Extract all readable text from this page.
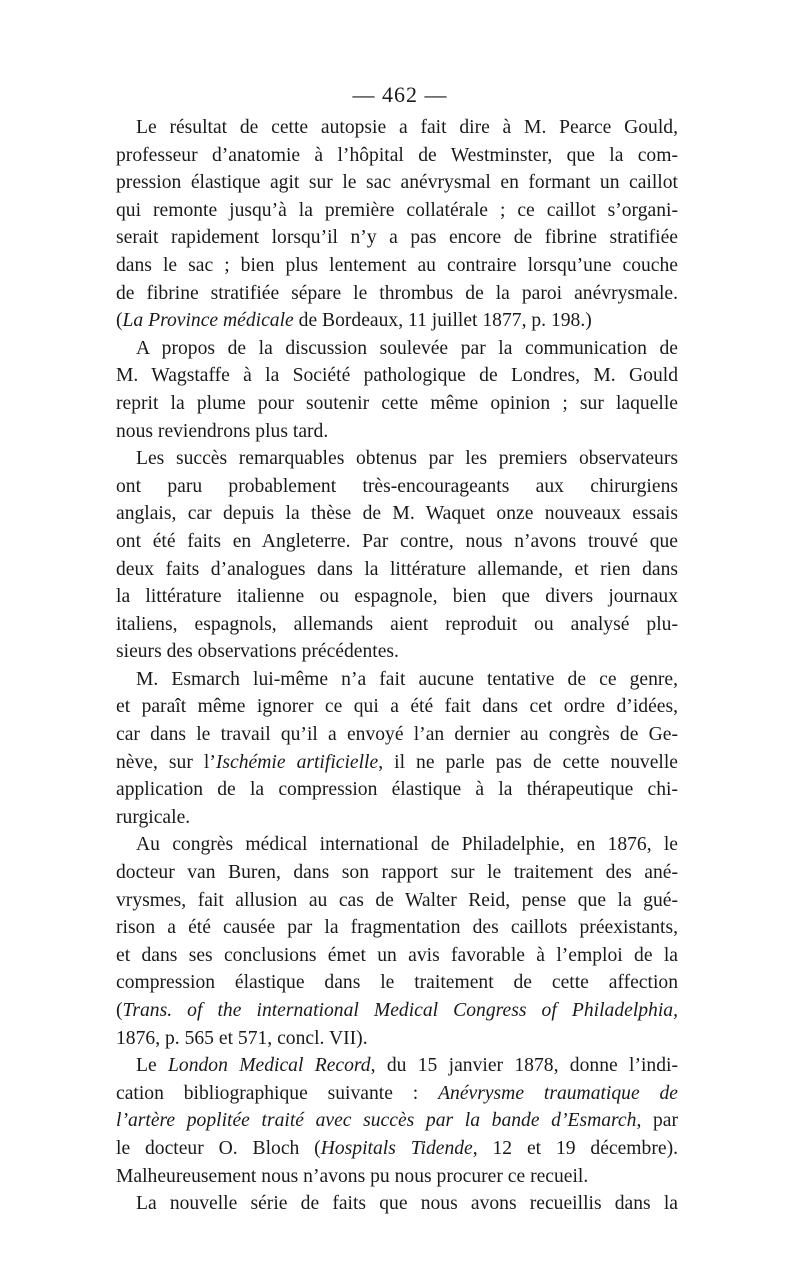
— 462 —
Le résultat de cette autopsie a fait dire à M. Pearce Gould,
professeur d’anatomie à l’hôpital de Westminster, que la com-
pression élastique agit sur le sac anévrysmal en formant un caillot
qui remonte jusqu’à la première collatérale ; ce caillot s’organi-
serait rapidement lorsqu’il n’y a pas encore de fibrine stratifiée
dans le sac ; bien plus lentement au contraire lorsqu’une couche
de fibrine stratifiée sépare le thrombus de la paroi anévrysmale.
(La Province médicale de Bordeaux, 11 juillet 1877, p. 198.)
A propos de la discussion soulevée par la communication de
M. Wagstaffe à la Société pathologique de Londres, M. Gould
reprit la plume pour soutenir cette même opinion ; sur laquelle
nous reviendrons plus tard.
Les succès remarquables obtenus par les premiers observateurs
ont paru probablement très-encourageants aux chirurgiens
anglais, car depuis la thèse de M. Waquet onze nouveaux essais
ont été faits en Angleterre. Par contre, nous n’avons trouvé que
deux faits d’analogues dans la littérature allemande, et rien dans
la littérature italienne ou espagnole, bien que divers journaux
italiens, espagnols, allemands aient reproduit ou analysé plu-
sieurs des observations précédentes.
M. Esmarch lui-même n’a fait aucune tentative de ce genre,
et paraît même ignorer ce qui a été fait dans cet ordre d’idées,
car dans le travail qu’il a envoyé l’an dernier au congrès de Ge-
nève, sur l’Ischémie artificielle, il ne parle pas de cette nouvelle
application de la compression élastique à la thérapeutique chi-
rurgicale.
Au congrès médical international de Philadelphie, en 1876, le
docteur van Buren, dans son rapport sur le traitement des ané-
vrysmes, fait allusion au cas de Walter Reid, pense que la gué-
rison a été causée par la fragmentation des caillots préexistants,
et dans ses conclusions émet un avis favorable à l’emploi de la
compression élastique dans le traitement de cette affection
(Trans. of the international Medical Congress of Philadelphia,
1876, p. 565 et 571, concl. VII).
Le London Medical Record, du 15 janvier 1878, donne l’indi-
cation bibliographique suivante : Anévrysme traumatique de
l’artère poplitée traité avec succès par la bande d’Esmarch, par
le docteur O. Bloch (Hospitals Tidende, 12 et 19 décembre).
Malheureusement nous n’avons pu nous procurer ce recueil.
La nouvelle série de faits que nous avons recueillis dans la
